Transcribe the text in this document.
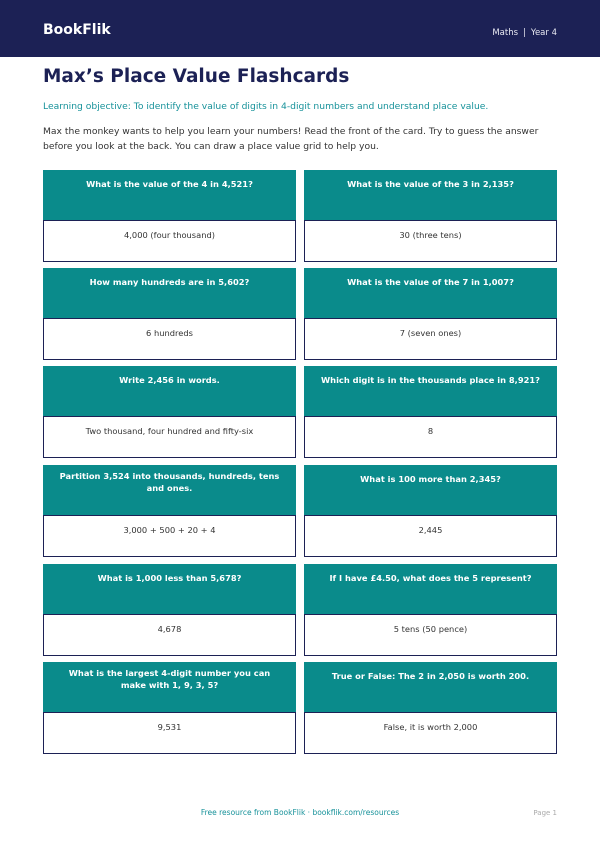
BookFlik	Maths | Year 4
Max’s Place Value Flashcards
Learning objective: To identify the value of digits in 4-digit numbers and understand place value.
Max the monkey wants to help you learn your numbers! Read the front of the card. Try to guess the answer before you look at the back. You can draw a place value grid to help you.
What is the value of the 4 in 4,521?
4,000 (four thousand)
What is the value of the 3 in 2,135?
30 (three tens)
How many hundreds are in 5,602?
6 hundreds
What is the value of the 7 in 1,007?
7 (seven ones)
Write 2,456 in words.
Two thousand, four hundred and fifty-six
Which digit is in the thousands place in 8,921?
8
Partition 3,524 into thousands, hundreds, tens and ones.
3,000 + 500 + 20 + 4
What is 100 more than 2,345?
2,445
What is 1,000 less than 5,678?
4,678
If I have £4.50, what does the 5 represent?
5 tens (50 pence)
What is the largest 4-digit number you can make with 1, 9, 3, 5?
9,531
True or False: The 2 in 2,050 is worth 200.
False, it is worth 2,000
Free resource from BookFlik · bookflik.com/resources	Page 1
